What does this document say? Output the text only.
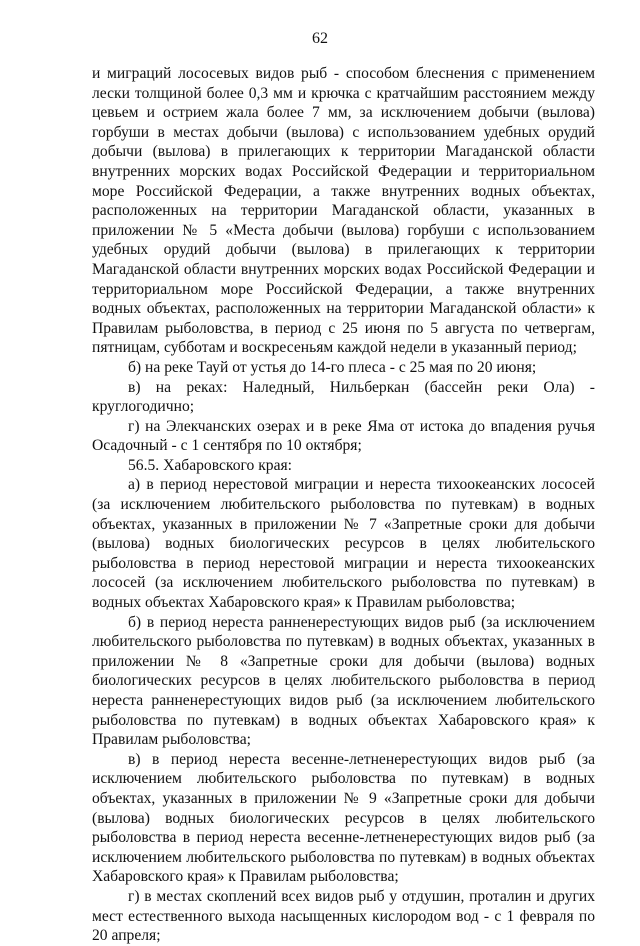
62

и миграций лососевых видов рыб - способом блеснения с применением лески толщиной более 0,3 мм и крючка с кратчайшим расстоянием между цевьем и острием жала более 7 мм, за исключением добычи (вылова) горбуши в местах добычи (вылова) с использованием удебных орудий добычи (вылова) в прилегающих к территории Магаданской области внутренних морских водах Российской Федерации и территориальном море Российской Федерации, а также внутренних водных объектах, расположенных на территории Магаданской области, указанных в приложении № 5 «Места добычи (вылова) горбуши с использованием удебных орудий добычи (вылова) в прилегающих к территории Магаданской области внутренних морских водах Российской Федерации и территориальном море Российской Федерации, а также внутренних водных объектах, расположенных на территории Магаданской области» к Правилам рыболовства, в период с 25 июня по 5 августа по четвергам, пятницам, субботам и воскресеньям каждой недели в указанный период;

б) на реке Тауй от устья до 14-го плеса - с 25 мая по 20 июня;

в) на реках: Наледный, Нильберкан (бассейн реки Ола) - круглогодично;

г) на Элекчанских озерах и в реке Яма от истока до впадения ручья Осадочный - с 1 сентября по 10 октября;

56.5. Хабаровского края:

а) в период нерестовой миграции и нереста тихоокеанских лососей (за исключением любительского рыболовства по путевкам) в водных объектах, указанных в приложении № 7 «Запретные сроки для добычи (вылова) водных биологических ресурсов в целях любительского рыболовства в период нерестовой миграции и нереста тихоокеанских лососей (за исключением любительского рыболовства по путевкам) в водных объектах Хабаровского края» к Правилам рыболовства;

б) в период нереста ранненерестующих видов рыб (за исключением любительского рыболовства по путевкам) в водных объектах, указанных в приложении № 8 «Запретные сроки для добычи (вылова) водных биологических ресурсов в целях любительского рыболовства в период нереста ранненерестующих видов рыб (за исключением любительского рыболовства по путевкам) в водных объектах Хабаровского края» к Правилам рыболовства;

в) в период нереста весенне-летненерестующих видов рыб (за исключением любительского рыболовства по путевкам) в водных объектах, указанных в приложении № 9 «Запретные сроки для добычи (вылова) водных биологических ресурсов в целях любительского рыболовства в период нереста весенне-летненерестующих видов рыб (за исключением любительского рыболовства по путевкам) в водных объектах Хабаровского края» к Правилам рыболовства;

г) в местах скоплений всех видов рыб у отдушин, проталин и других мест естественного выхода насыщенных кислородом вод - с 1 февраля по 20 апреля;
